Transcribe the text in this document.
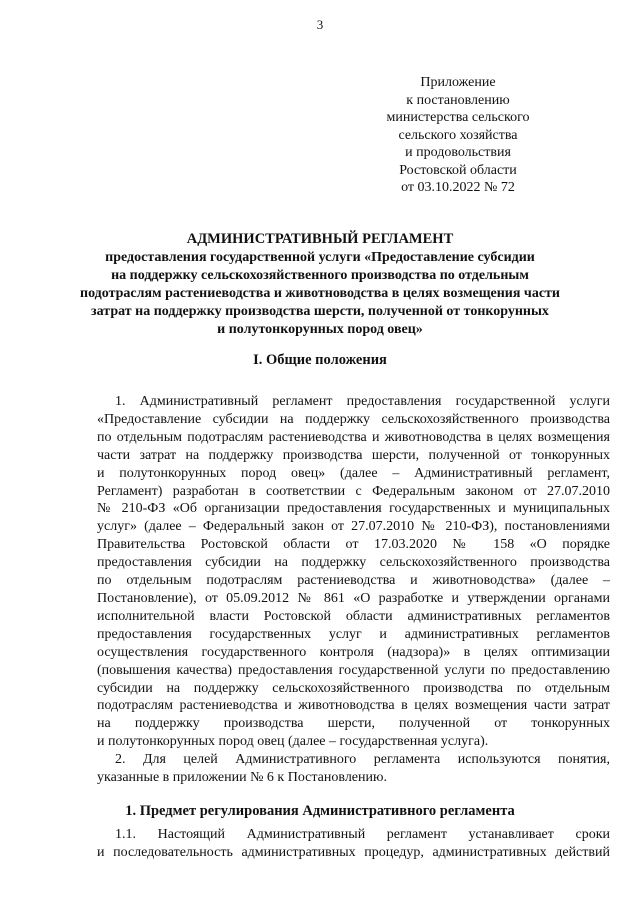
3
Приложение
к постановлению
министерства сельского
сельского хозяйства
и продовольствия
Ростовской области
от 03.10.2022 № 72
АДМИНИСТРАТИВНЫЙ РЕГЛАМЕНТ
предоставления государственной услуги «Предоставление субсидии
на поддержку сельскохозяйственного производства по отдельным
подотраслям растениеводства и животноводства в целях возмещения части
затрат на поддержку производства шерсти, полученной от тонкорунных
и полутонкорунных пород овец»
I. Общие положения
1. Административный регламент предоставления государственной услуги
«Предоставление субсидии на поддержку сельскохозяйственного производства
по отдельным подотраслям растениеводства и животноводства в целях возмещения
части затрат на поддержку производства шерсти, полученной от тонкорунных
и полутонкорунных пород овец» (далее – Административный регламент,
Регламент) разработан в соответствии с Федеральным законом от 27.07.2010
№ 210-ФЗ «Об организации предоставления государственных и муниципальных
услуг» (далее – Федеральный закон от 27.07.2010 № 210-ФЗ), постановлениями
Правительства Ростовской области от 17.03.2020 № 158 «О порядке
предоставления субсидии на поддержку сельскохозяйственного производства
по отдельным подотраслям растениеводства и животноводства» (далее –
Постановление), от 05.09.2012 № 861 «О разработке и утверждении органами
исполнительной власти Ростовской области административных регламентов
предоставления государственных услуг и административных регламентов
осуществления государственного контроля (надзора)» в целях оптимизации
(повышения качества) предоставления государственной услуги по предоставлению
субсидии на поддержку сельскохозяйственного производства по отдельным
подотраслям растениеводства и животноводства в целях возмещения части затрат
на поддержку производства шерсти, полученной от тонкорунных
и полутонкорунных пород овец (далее – государственная услуга).
2. Для целей Административного регламента используются понятия,
указанные в приложении № 6 к Постановлению.
1. Предмет регулирования Административного регламента
1.1. Настоящий Административный регламент устанавливает сроки
и последовательность административных процедур, административных действий
